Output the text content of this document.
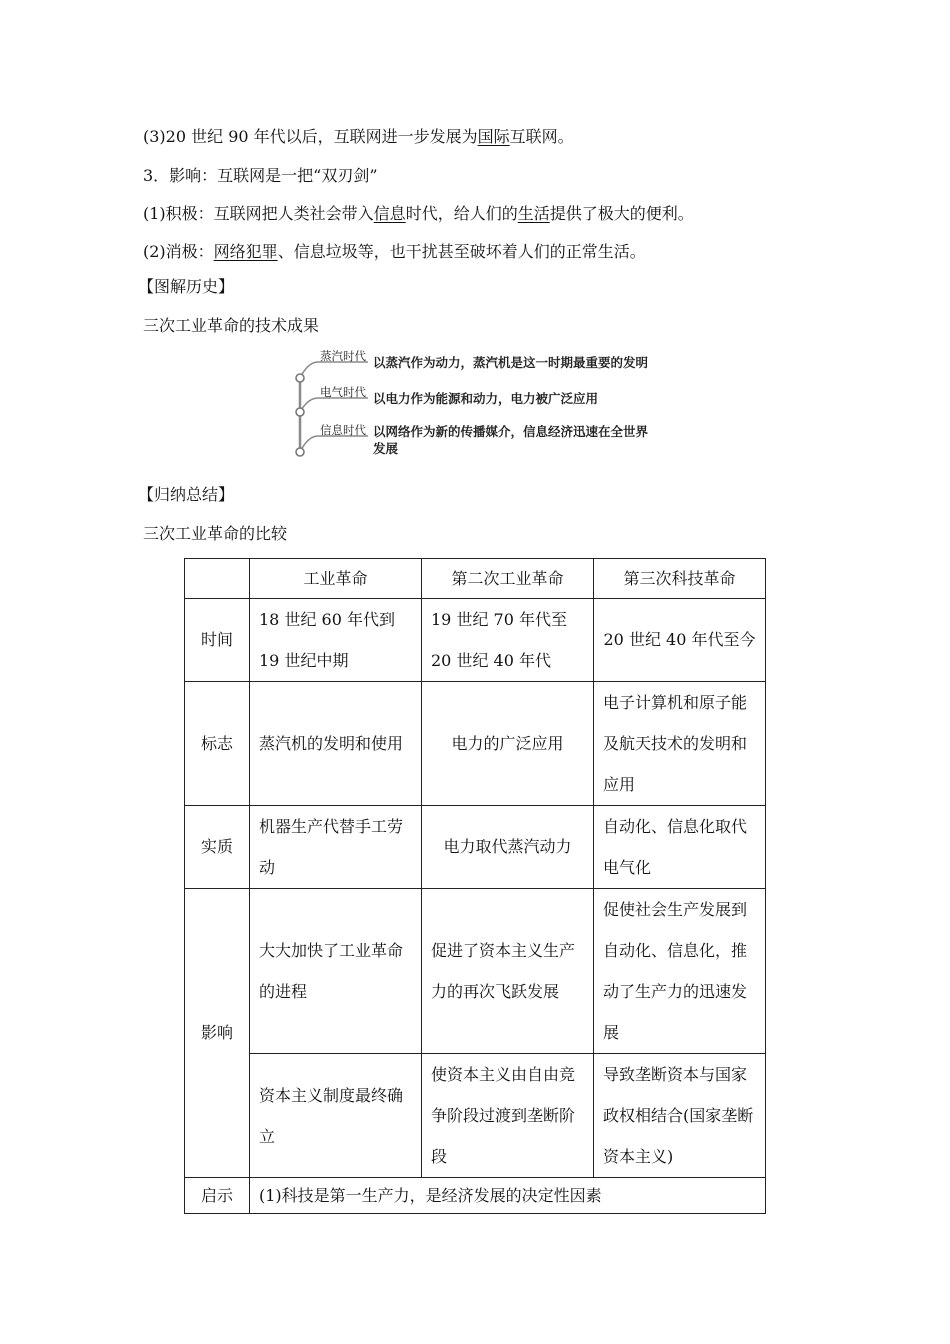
(3)20 世纪 90 年代以后，互联网进一步发展为国际互联网。
3．影响：互联网是一把“双刃剑”
(1)积极：互联网把人类社会带入信息时代，给人们的生活提供了极大的便利。
(2)消极：网络犯罪、信息垃圾等，也干扰甚至破坏着人们的正常生活。
【图解历史】
三次工业革命的技术成果
蒸汽时代
电气时代
信息时代
以蒸汽作为动力，蒸汽机是这一时期最重要的发明
以电力作为能源和动力，电力被广泛应用
以网络作为新的传播媒介，信息经济迅速在全世界发展
【归纳总结】
三次工业革命的比较
	工业革命	第二次工业革命	第三次科技革命
时间	18 世纪 60 年代到 19 世纪中期	19 世纪 70 年代至 20 世纪 40 年代	20 世纪 40 年代至今
标志	蒸汽机的发明和使用	电力的广泛应用	电子计算机和原子能及航天技术的发明和应用
实质	机器生产代替手工劳动	电力取代蒸汽动力	自动化、信息化取代电气化
影响	大大加快了工业革命的进程	促进了资本主义生产力的再次飞跃发展	促使社会生产发展到自动化、信息化，推动了生产力的迅速发展
	资本主义制度最终确立	使资本主义由自由竞争阶段过渡到垄断阶段	导致垄断资本与国家政权相结合(国家垄断资本主义)
启示	(1)科技是第一生产力，是经济发展的决定性因素		
